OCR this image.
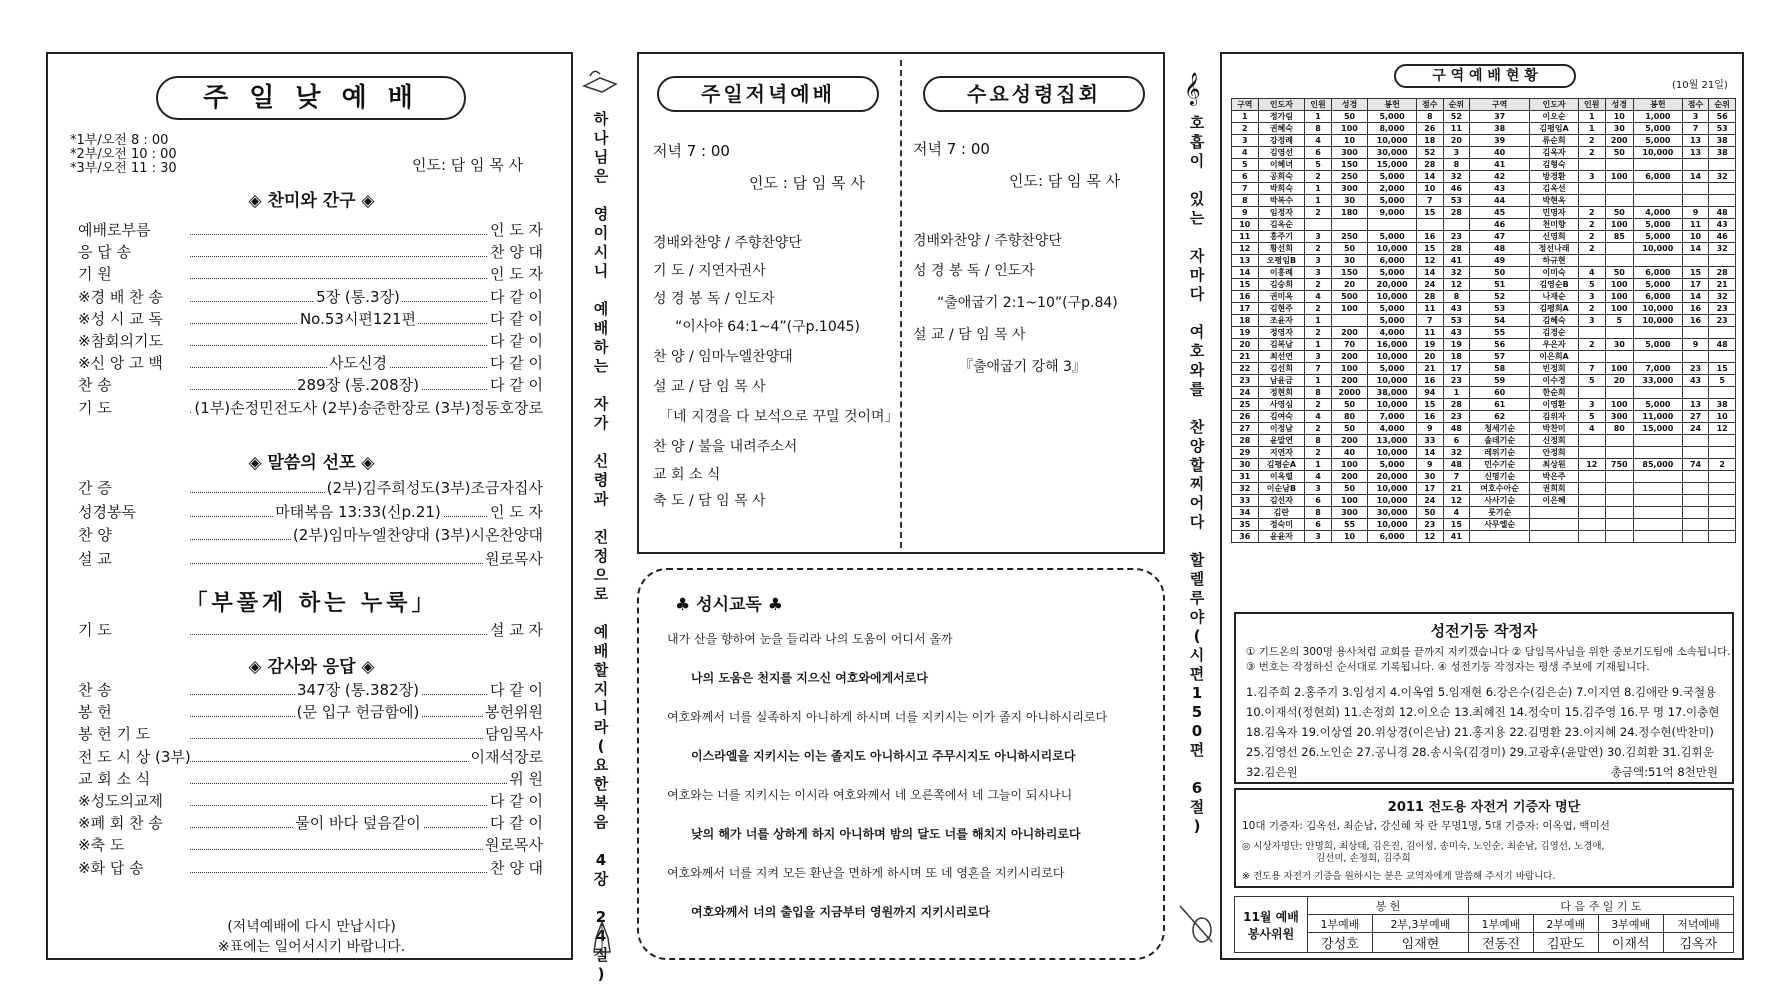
주 일 낮 예 배
*1부/오전 8 : 00
*2부/오전 10 : 00
*3부/오전 11 : 30	인도: 담 임 목 사
◈ 찬미와 간구 ◈
예배로부름	인 도 자
응 답 송	찬 양 대
기 원	인 도 자
※경 배 찬 송	5장 (통.3장)	다 같 이
※성 시 교 독	No.53시편121편	다 같 이
※참회의기도	다 같 이
※신 앙 고 백	사도신경	다 같 이
찬 송	289장 (통.208장)	다 같 이
기 도	(1부)손정민전도사 (2부)송준한장로 (3부)정동호장로
◈ 말씀의 선포 ◈
간 증	(2부)김주희성도(3부)조금자집사
성경봉독	마태복음 13:33(신p.21)	인 도 자
찬 양	(2부)임마누엘찬양대 (3부)시온찬양대
설 교	원로목사
「부풀게 하는 누룩」
기 도	설 교 자
◈ 감사와 응답 ◈
찬 송	347장 (통.382장)	다 같 이
봉 헌	(문 입구 헌금함에)	봉헌위원
봉 헌 기 도	담임목사
전 도 시 상 (3부)	이재석장로
교 회 소 식	위 원
※성도의교제	다 같 이
※폐 회 찬 송	물이 바다 덮음같이	다 같 이
※축 도	원로목사
※화 답 송	찬 양 대
(저녁예배에 다시 만납시다)
※표에는 일어서시기 바랍니다.
하
나
님
은

영
이
시
니

예
배
하
는

자
가

신
령
과

진
정
으
로

예
배
할
지
니
라
(
요
한
복
음

4
장

2
4
절
)
주일저녁예배
저녁 7 : 00
인도 : 담 임 목 사
경배와찬양 / 주향찬양단
기 도 / 지연자권사
성 경 봉 독 / 인도자
“이사야 64:1~4”(구p.1045)
찬 양 / 임마누엘찬양대
설 교 / 담 임 목 사
「네 지경을 다 보석으로 꾸밀 것이며」
찬 양 / 불을 내려주소서
교 회 소 식
축 도 / 담 임 목 사
수요성령집회
저녁 7 : 00
인도: 담 임 목 사
경배와찬양 / 주향찬양단
성 경 봉 독 / 인도자
“출애굽기 2:1~10”(구p.84)
설 교 / 담 임 목 사
『출애굽기 강해 3』
♣ 성시교독 ♣
내가 산을 향하여 눈을 들리라 나의 도움이 어디서 올까
나의 도움은 천지를 지으신 여호와에게서로다
여호와께서 너를 실족하지 아니하게 하시며 너를 지키시는 이가 졸지 아니하시리로다
이스라엘을 지키시는 이는 졸지도 아니하시고 주무시지도 아니하시리로다
여호와는 너를 지키시는 이시라 여호와께서 네 오른쪽에서 네 그늘이 되시나니
낮의 해가 너를 상하게 하지 아니하며 밤의 달도 너를 해치지 아니하리로다
여호와께서 너를 지켜 모든 환난을 면하게 하시며 또 네 영혼을 지키시리로다
여호와께서 너의 출입을 지금부터 영원까지 지키시리로다
𝄞
호
흡
이

있
는

자
마
다

여
호
와
를

찬
양
할
찌
어
다

할
렐
루
야
(
시
편
1
5
0
편

6
절
)
구 역 예 배 현 황
(10월 21일)
구역	인도자	인원	성경	봉헌	점수	순위	구역	인도자	인원	성경	봉헌	점수	순위
1	정가림	1	50	5,000	8	52	37	이오순	1	10	1,000	3	56
2	권혜숙	8	100	8,000	26	11	38	김평임A	1	30	5,000	7	53
3	강정례	4	10	10,000	18	20	39	류순희	2	200	5,000	13	38
4	김영선	6	300	30,000	52	3	40	김옥자	2	50	10,000	13	38
5	이혜녀	5	150	15,000	28	8	41	김형숙					
6	공희숙	2	250	5,000	14	32	42	방경환	3	100	6,000	14	32
7	박희숙	1	300	2,000	10	46	43	김옥선					
8	박복수	1	30	5,000	7	53	44	박현옥					
9	임정자	2	180	9,000	15	28	45	민명자	2	50	4,000	9	48
10	김옥순						46	천미향	2	100	5,000	11	43
11	홍주기	3	250	5,000	16	23	47	신영희	2	85	5,000	10	46
12	황선희	2	50	10,000	15	28	48	정선나래	2		10,000	14	32
13	오평임B	3	30	6,000	12	41	49	하규현					
14	이홍례	3	150	5,000	14	32	50	이미숙	4	50	6,000	15	28
15	김숭희	2	20	20,000	24	12	51	김영순B	5	100	5,000	17	21
16	권미옥	4	500	10,000	28	8	52	나재순	3	100	6,000	14	32
17	김현주	2	100	5,000	11	43	53	김평희A	2	100	10,000	16	23
18	조윤자	1		5,000	7	53	54	김혜숙	3	5	10,000	16	23
19	정영자	2	200	4,000	11	43	55	김경순					
20	김복남	1	70	16,000	19	19	56	우은자	2	30	5,000	9	48
21	최선연	3	200	10,000	20	18	57	이은희A					
22	김선희	7	100	5,000	21	17	58	빈정희	7	100	7,000	23	15
23	남윤금	1	200	10,000	16	23	59	이수경	5	20	33,000	43	5
24	정현희	8	2000	38,000	94	1	60	한순희					
25	사영심	2	50	10,000	15	28	61	이영환	3	100	5,000	13	38
26	김여숙	4	80	7,000	16	23	62	김위자	5	300	11,000	27	10
27	이정남	2	50	4,000	9	48	청세기순	박찬미	4	80	15,000	24	12
28	윤말연	8	200	13,000	33	6	솔데기순	신정희					
29	지연자	2	40	10,000	14	32	레위기순	안정희					
30	김평순A	1	100	5,000	9	48	민수기순	최상원	12	750	85,000	74	2
31	이옥렬	4	200	20,000	30	7	신명기순	박은주					
32	이순남B	3	50	10,000	17	21	여호수아순	권희희					
33	김선자	6	100	10,000	24	12	사사기순	이은혜					
34	김란	8	300	30,000	50	4	룻기순						
35	정숙미	6	55	10,000	23	15	사무엘순						
36	윤윤자	3	10	6,000	12	41							
성전기둥 작정자
① 기드온의 300명 용사처럼 교회를 끝까지 지키겠습니다 ② 담임목사님을 위한 중보기도팀에 소속됩니다.
③ 번호는 작정하신 순서대로 기록됩니다. ④ 성전기둥 작정자는 평생 주보에 기재됩니다.
1.김주희 2.홍주기 3.임성지 4.이옥엽 5.임재현 6.강은수(김은순) 7.이지연 8.김애란 9.국철용
10.이재석(정현희) 11.손정희 12.이오순 13.최혜진 14.정숙미 15.김주영 16.무 명 17.이충현
18.김옥자 19.이상열 20.위상경(이은남) 21.홍지용 22.김명환 23.이지혜 24.정수현(박찬미)
25.김영선 26.노인순 27.공니경 28.송시욱(김경미) 29.고광후(윤말연) 30.김희환 31.김휘운
32.김은원	총금액:51억 8천만원
2011 전도용 자전거 기증자 명단
10대 기증자: 김옥선, 최순남, 강신혜 차 란 무명1명, 5대 기증자: 이옥엽, 백미선
◎ 시상자명단: 안명희, 최상태, 김은진, 김이성, 송미숙, 노인순, 최순남, 김영선, 노경애,
김선미, 손정희, 김주희
※ 전도용 자전거 기증을 원하시는 분은 교역자에게 말씀해 주시기 바랍니다.
11월 예배
봉사위원	봉 헌		다 음 주 일 기 도			
	1부예배	2부,3부예배	1부예배	2부예배	3부예배	저녁예배
	강성호	임재현	전동진	김판도	이재석	김옥자
